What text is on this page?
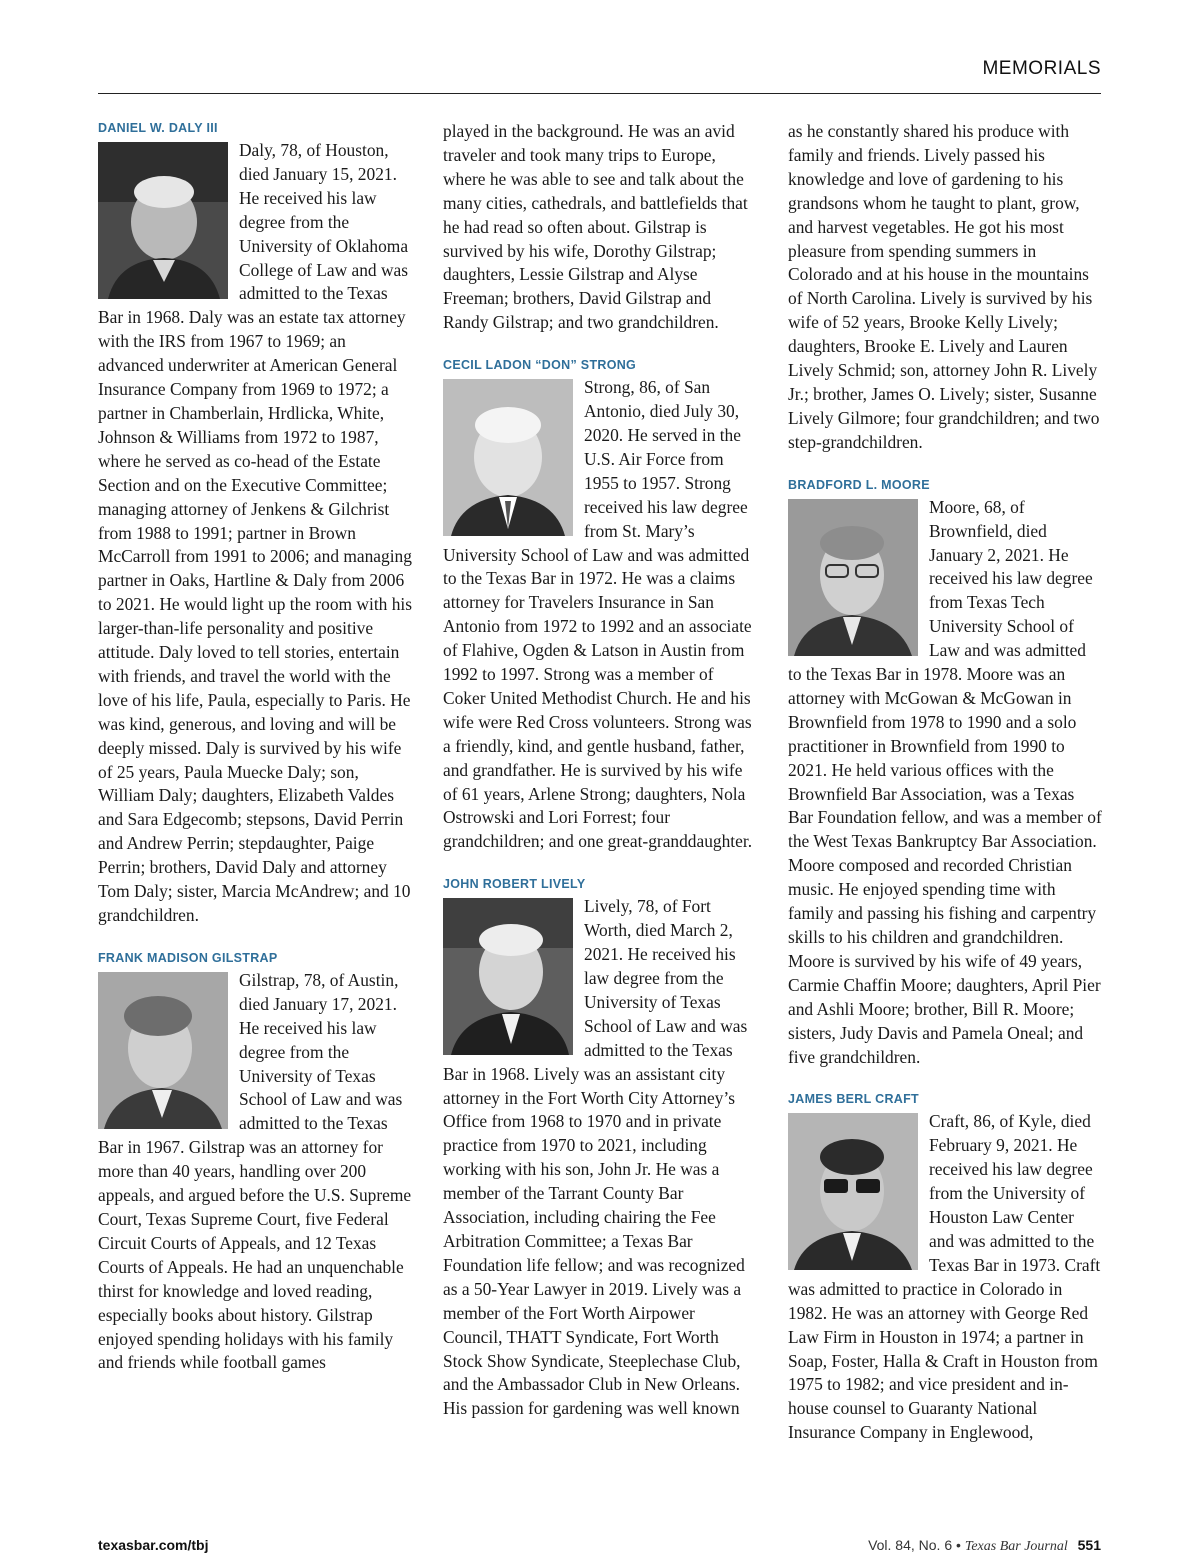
MEMORIALS
DANIEL W. DALY III

Daly, 78, of Houston, died January 15, 2021. He received his law degree from the University of Oklahoma College of Law and was admitted to the Texas Bar in 1968. Daly was an estate tax attorney with the IRS from 1967 to 1969; an advanced underwriter at American General Insurance Company from 1969 to 1972; a partner in Chamberlain, Hrdlicka, White, Johnson & Williams from 1972 to 1987, where he served as co-head of the Estate Section and on the Executive Committee; managing attorney of Jenkens & Gilchrist from 1988 to 1991; partner in Brown McCarroll from 1991 to 2006; and managing partner in Oaks, Hartline & Daly from 2006 to 2021. He would light up the room with his larger-than-life personality and positive attitude. Daly loved to tell stories, entertain with friends, and travel the world with the love of his life, Paula, especially to Paris. He was kind, generous, and loving and will be deeply missed. Daly is survived by his wife of 25 years, Paula Muecke Daly; son, William Daly; daughters, Elizabeth Valdes and Sara Edgecomb; stepsons, David Perrin and Andrew Perrin; stepdaughter, Paige Perrin; brothers, David Daly and attorney Tom Daly; sister, Marcia McAndrew; and 10 grandchildren.

FRANK MADISON GILSTRAP

Gilstrap, 78, of Austin, died January 17, 2021. He received his law degree from the University of Texas School of Law and was admitted to the Texas Bar in 1967. Gilstrap was an attorney for more than 40 years, handling over 200 appeals, and argued before the U.S. Supreme Court, Texas Supreme Court, five Federal Circuit Courts of Appeals, and 12 Texas Courts of Appeals. He had an unquenchable thirst for knowledge and loved reading, especially books about history. Gilstrap enjoyed spending holidays with his family and friends while football games

played in the background. He was an avid traveler and took many trips to Europe, where he was able to see and talk about the many cities, cathedrals, and battlefields that he had read so often about. Gilstrap is survived by his wife, Dorothy Gilstrap; daughters, Lessie Gilstrap and Alyse Freeman; brothers, David Gilstrap and Randy Gilstrap; and two grandchildren.

CECIL LADON “DON” STRONG

Strong, 86, of San Antonio, died July 30, 2020. He served in the U.S. Air Force from 1955 to 1957. Strong received his law degree from St. Mary’s University School of Law and was admitted to the Texas Bar in 1972. He was a claims attorney for Travelers Insurance in San Antonio from 1972 to 1992 and an associate of Flahive, Ogden & Latson in Austin from 1992 to 1997. Strong was a member of Coker United Methodist Church. He and his wife were Red Cross volunteers. Strong was a friendly, kind, and gentle husband, father, and grandfather. He is survived by his wife of 61 years, Arlene Strong; daughters, Nola Ostrowski and Lori Forrest; four grandchildren; and one great-granddaughter.

JOHN ROBERT LIVELY

Lively, 78, of Fort Worth, died March 2, 2021. He received his law degree from the University of Texas School of Law and was admitted to the Texas Bar in 1968. Lively was an assistant city attorney in the Fort Worth City Attorney’s Office from 1968 to 1970 and in private practice from 1970 to 2021, including working with his son, John Jr. He was a member of the Tarrant County Bar Association, including chairing the Fee Arbitration Committee; a Texas Bar Foundation life fellow; and was recognized as a 50-Year Lawyer in 2019. Lively was a member of the Fort Worth Airpower Council, THATT Syndicate, Fort Worth Stock Show Syndicate, Steeplechase Club, and the Ambassador Club in New Orleans. His passion for gardening was well known

as he constantly shared his produce with family and friends. Lively passed his knowledge and love of gardening to his grandsons whom he taught to plant, grow, and harvest vegetables. He got his most pleasure from spending summers in Colorado and at his house in the mountains of North Carolina. Lively is survived by his wife of 52 years, Brooke Kelly Lively; daughters, Brooke E. Lively and Lauren Lively Schmid; son, attorney John R. Lively Jr.; brother, James O. Lively; sister, Susanne Lively Gilmore; four grandchildren; and two step-grandchildren.

BRADFORD L. MOORE

Moore, 68, of Brownfield, died January 2, 2021. He received his law degree from Texas Tech University School of Law and was admitted to the Texas Bar in 1978. Moore was an attorney with McGowan & McGowan in Brownfield from 1978 to 1990 and a solo practitioner in Brownfield from 1990 to 2021. He held various offices with the Brownfield Bar Association, was a Texas Bar Foundation fellow, and was a member of the West Texas Bankruptcy Bar Association. Moore composed and recorded Christian music. He enjoyed spending time with family and passing his fishing and carpentry skills to his children and grandchildren. Moore is survived by his wife of 49 years, Carmie Chaffin Moore; daughters, April Pier and Ashli Moore; brother, Bill R. Moore; sisters, Judy Davis and Pamela Oneal; and five grandchildren.

JAMES BERL CRAFT

Craft, 86, of Kyle, died February 9, 2021. He received his law degree from the University of Houston Law Center and was admitted to the Texas Bar in 1973. Craft was admitted to practice in Colorado in 1982. He was an attorney with George Red Law Firm in Houston in 1974; a partner in Soap, Foster, Halla & Craft in Houston from 1975 to 1982; and vice president and in-house counsel to Guaranty National Insurance Company in Englewood,

texasbar.com/tbj	Vol. 84, No. 6 • Texas Bar Journal 551
